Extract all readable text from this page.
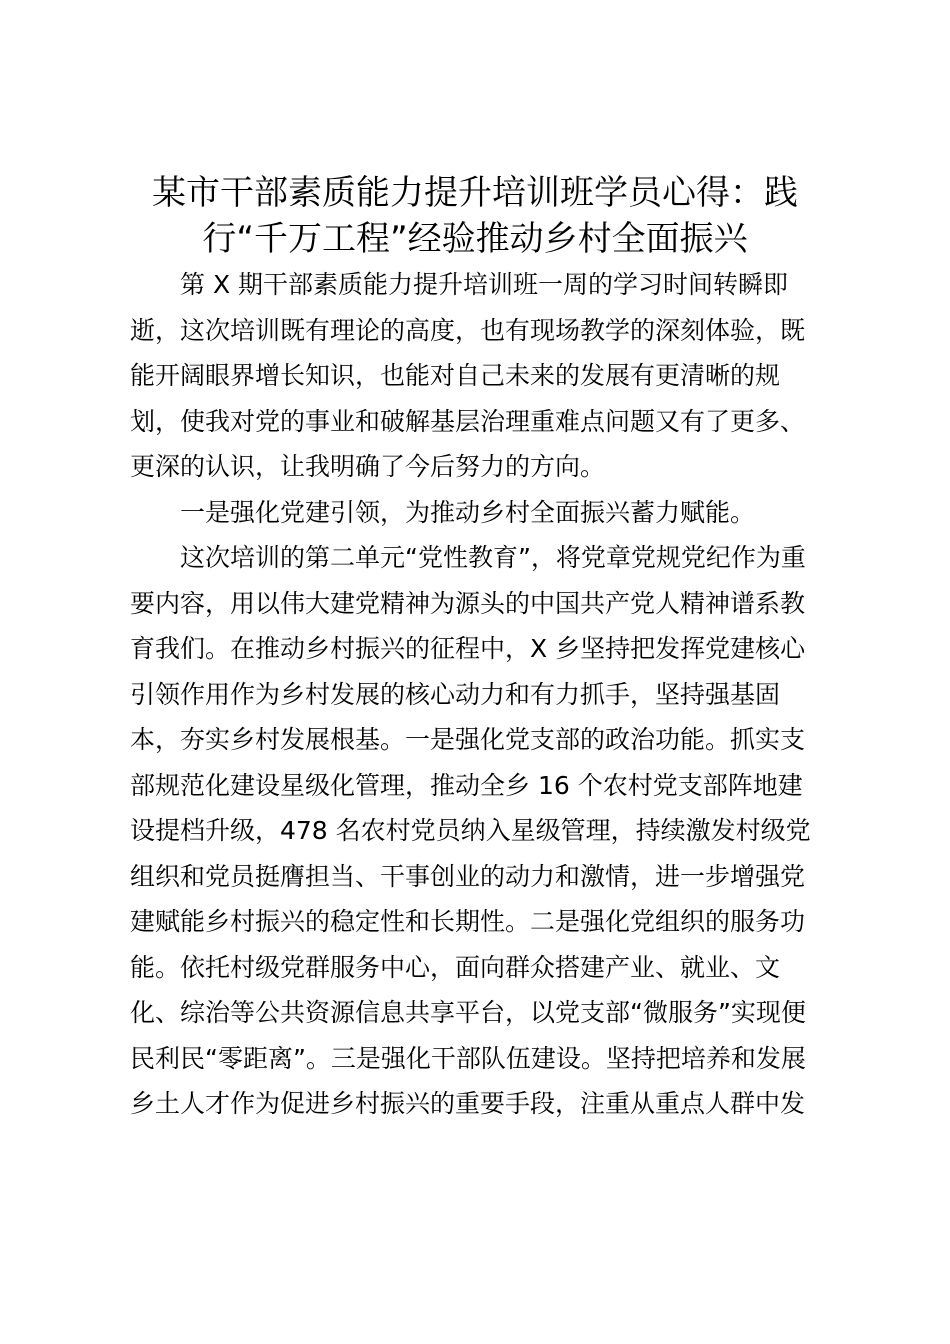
某市干部素质能力提升培训班学员心得：践
行“千万工程”经验推动乡村全面振兴

第 X 期干部素质能力提升培训班一周的学习时间转瞬即
逝，这次培训既有理论的高度，也有现场教学的深刻体验，既
能开阔眼界增长知识，也能对自己未来的发展有更清晰的规
划，使我对党的事业和破解基层治理重难点问题又有了更多、
更深的认识，让我明确了今后努力的方向。

一是强化党建引领，为推动乡村全面振兴蓄力赋能。

这次培训的第二单元“党性教育”，将党章党规党纪作为重
要内容，用以伟大建党精神为源头的中国共产党人精神谱系教
育我们。在推动乡村振兴的征程中，X 乡坚持把发挥党建核心
引领作用作为乡村发展的核心动力和有力抓手，坚持强基固
本，夯实乡村发展根基。一是强化党支部的政治功能。抓实支
部规范化建设星级化管理，推动全乡 16 个农村党支部阵地建
设提档升级，478 名农村党员纳入星级管理，持续激发村级党
组织和党员挺膺担当、干事创业的动力和激情，进一步增强党
建赋能乡村振兴的稳定性和长期性。二是强化党组织的服务功
能。依托村级党群服务中心，面向群众搭建产业、就业、文
化、综治等公共资源信息共享平台，以党支部“微服务”实现便
民利民“零距离”。三是强化干部队伍建设。坚持把培养和发展
乡土人才作为促进乡村振兴的重要手段，注重从重点人群中发
